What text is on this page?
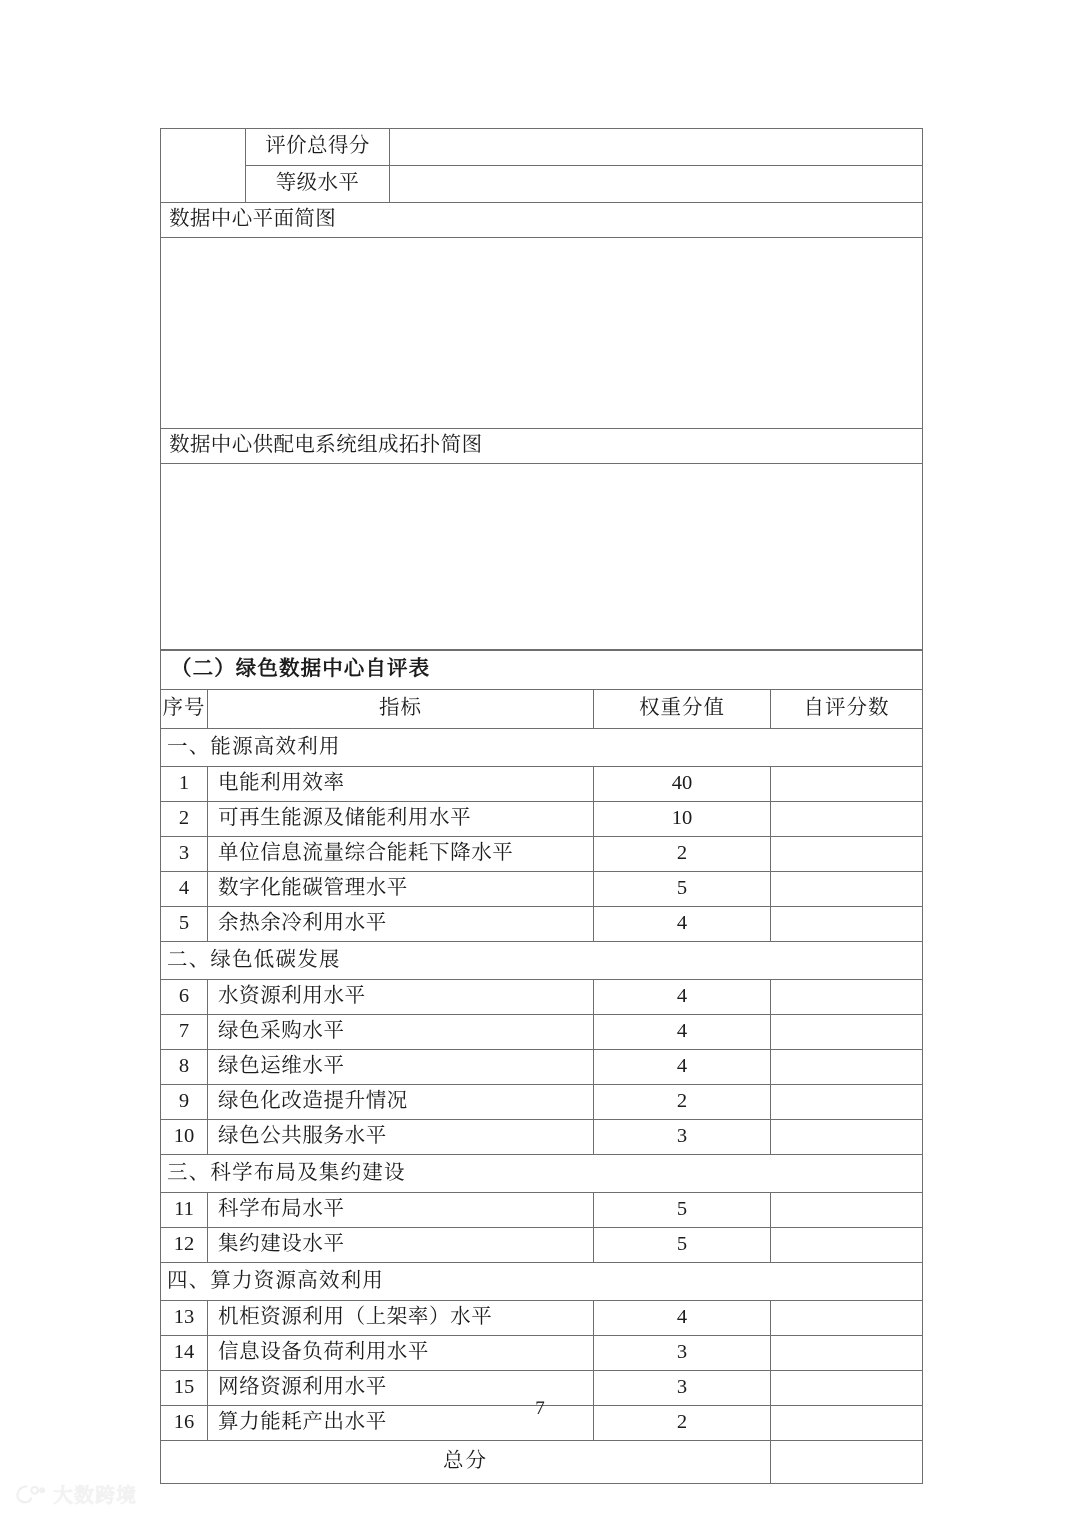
	评价总得分	
	等级水平	
数据中心平面简图		

数据中心供配电系统组成拓扑简图		

（二）绿色数据中心自评表			
序号	指标	权重分值	自评分数
一、能源高效利用			
1	电能利用效率	40	
2	可再生能源及储能利用水平	10	
3	单位信息流量综合能耗下降水平	2	
4	数字化能碳管理水平	5	
5	余热余冷利用水平	4	
二、绿色低碳发展			
6	水资源利用水平	4	
7	绿色采购水平	4	
8	绿色运维水平	4	
9	绿色化改造提升情况	2	
10	绿色公共服务水平	3	
三、科学布局及集约建设			
11	科学布局水平	5	
12	集约建设水平	5	
四、算力资源高效利用			
13	机柜资源利用（上架率）水平	4	
14	信息设备负荷利用水平	3	
15	网络资源利用水平	3	
16	算力能耗产出水平	2	
总分			
7
大数跨境
